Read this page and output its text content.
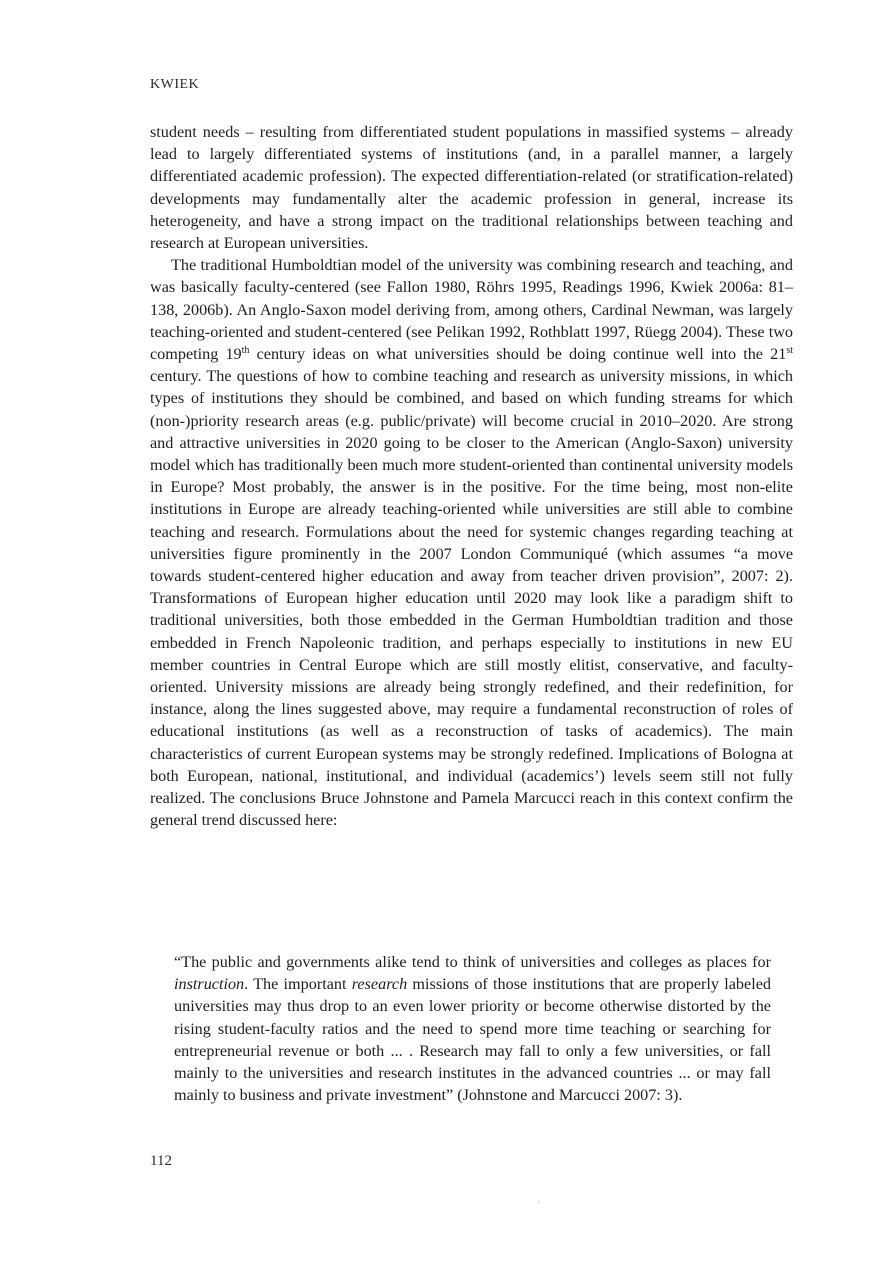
KWIEK

student needs – resulting from differentiated student populations in massified systems – already lead to largely differentiated systems of institutions (and, in a parallel manner, a largely differentiated academic profession). The expected differentiation-related (or stratification-related) developments may fundamentally alter the academic profession in general, increase its heterogeneity, and have a strong impact on the traditional relationships between teaching and research at European universities.

The traditional Humboldtian model of the university was combining research and teaching, and was basically faculty-centered (see Fallon 1980, Röhrs 1995, Readings 1996, Kwiek 2006a: 81–138, 2006b). An Anglo-Saxon model deriving from, among others, Cardinal Newman, was largely teaching-oriented and student-centered (see Pelikan 1992, Rothblatt 1997, Rüegg 2004). These two competing 19th century ideas on what universities should be doing continue well into the 21st century. The questions of how to combine teaching and research as university missions, in which types of institutions they should be combined, and based on which funding streams for which (non-)priority research areas (e.g. public/private) will become crucial in 2010–2020. Are strong and attractive universities in 2020 going to be closer to the American (Anglo-Saxon) university model which has traditionally been much more student-oriented than continental university models in Europe? Most probably, the answer is in the positive. For the time being, most non-elite institutions in Europe are already teaching-oriented while universities are still able to combine teaching and research. Formulations about the need for systemic changes regarding teaching at universities figure prominently in the 2007 London Communiqué (which assumes “a move towards student-centered higher education and away from teacher driven provision”, 2007: 2). Transformations of European higher education until 2020 may look like a paradigm shift to traditional universities, both those embedded in the German Humboldtian tradition and those embedded in French Napoleonic tradition, and perhaps especially to institutions in new EU member countries in Central Europe which are still mostly elitist, conservative, and faculty-oriented. University missions are already being strongly redefined, and their redefinition, for instance, along the lines suggested above, may require a fundamental reconstruction of roles of educational institutions (as well as a reconstruction of tasks of academics). The main characteristics of current European systems may be strongly redefined. Implications of Bologna at both European, national, institutional, and individual (academics’) levels seem still not fully realized. The conclusions Bruce Johnstone and Pamela Marcucci reach in this context confirm the general trend discussed here:

“The public and governments alike tend to think of universities and colleges as places for instruction. The important research missions of those institutions that are properly labeled universities may thus drop to an even lower priority or become otherwise distorted by the rising student-faculty ratios and the need to spend more time teaching or searching for entrepreneurial revenue or both ... . Research may fall to only a few universities, or fall mainly to the universities and research institutes in the advanced countries ... or may fall mainly to business and private investment” (Johnstone and Marcucci 2007: 3).

112
